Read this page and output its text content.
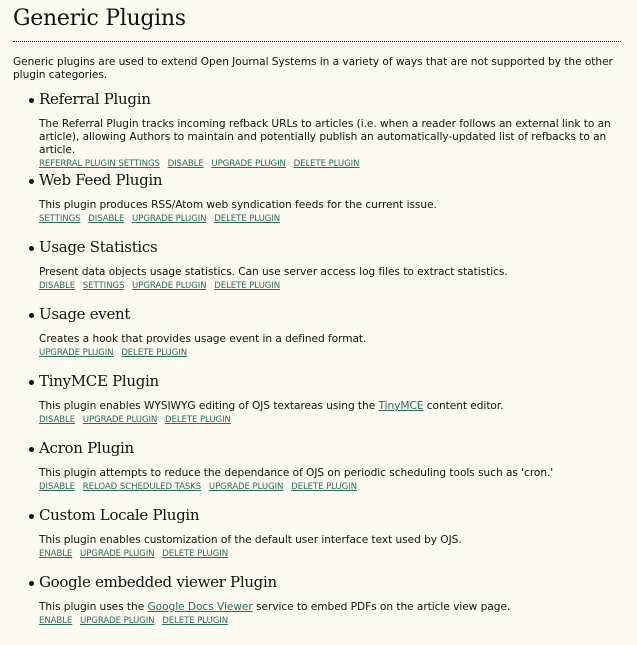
Generic Plugins

Generic plugins are used to extend Open Journal Systems in a variety of ways that are not supported by the other plugin categories.

Referral Plugin
The Referral Plugin tracks incoming refback URLs to articles (i.e. when a reader follows an external link to an article), allowing Authors to maintain and potentially publish an automatically-updated list of refbacks to an article.
REFERRAL PLUGIN SETTINGS DISABLE UPGRADE PLUGIN DELETE PLUGIN
Web Feed Plugin
This plugin produces RSS/Atom web syndication feeds for the current issue.
SETTINGS DISABLE UPGRADE PLUGIN DELETE PLUGIN
Usage Statistics
Present data objects usage statistics. Can use server access log files to extract statistics.
DISABLE SETTINGS UPGRADE PLUGIN DELETE PLUGIN
Usage event
Creates a hook that provides usage event in a defined format.
UPGRADE PLUGIN DELETE PLUGIN
TinyMCE Plugin
This plugin enables WYSIWYG editing of OJS textareas using the TinyMCE content editor.
DISABLE UPGRADE PLUGIN DELETE PLUGIN
Acron Plugin
This plugin attempts to reduce the dependance of OJS on periodic scheduling tools such as 'cron.'
DISABLE RELOAD SCHEDULED TASKS UPGRADE PLUGIN DELETE PLUGIN
Custom Locale Plugin
This plugin enables customization of the default user interface text used by OJS.
ENABLE UPGRADE PLUGIN DELETE PLUGIN
Google embedded viewer Plugin
This plugin uses the Google Docs Viewer service to embed PDFs on the article view page.
ENABLE UPGRADE PLUGIN DELETE PLUGIN
